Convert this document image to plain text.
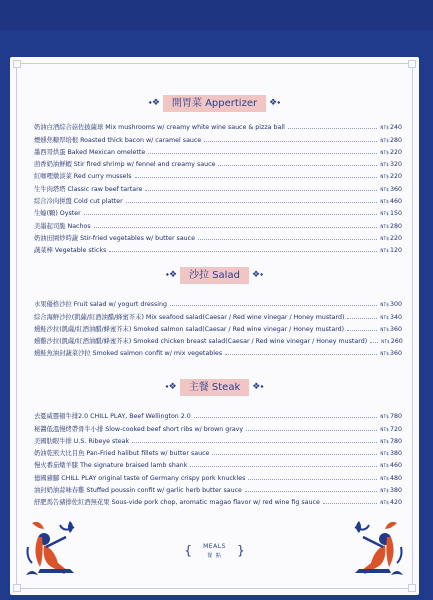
⬩❖	開胃菜 Appertizer	❖⬩
奶油白酒綜合菇佐披薩球 Mix mushrooms w/ creamy white wine sauce & pizza ball	NT$240
煙燻焦糖厚培根 Roasted thick bacon w/ caramel sauce	NT$280
墨西哥烘蛋 Baked Mexican omelette	NT$220
茴香奶油鮮蝦 Stir fired shrimp w/ fennel and creamy sauce	NT$320
紅咖哩燉淡菜 Red curry mussels	NT$220
生牛肉塔塔 Classic raw beef tartare	NT$360
綜合冷肉拼盤 Cold cut platter	NT$460
生蠔(顆) Oyster	NT$150
美墨起司脆 Nachos	NT$280
奶油田園炒時蔬 Stir-fried vegetables w/ butter sauce	NT$220
蔬菜棒 Vegetable sticks	NT$120
⬩❖	沙拉 Salad	❖⬩
水果優格沙拉 Fruit salad w/ yogurt dressing	NT$300
綜合海鮮沙拉(凱薩/紅酒油醋/蜂蜜芥末) Mix seafood salad(Caesar / Red wine vinegar / Honey mustard)	NT$340
燻鮭沙拉(凱薩/紅酒油醋/蜂蜜芥末) Smoked salmon salad(Caesar / Red wine vinegar / Honey mustard)	NT$360
燻雞沙拉(凱薩/紅酒油醋/蜂蜜芥末) Smoked chicken breast salad(Caesar / Red wine vinegar / Honey mustard)	NT$260
燻鮭魚油封蔬菜沙拉 Smoked salmon confit w/ mix vegetables	NT$360
⬩❖	主餐 Steak	❖⬩
去憂威靈頓牛排2.0 CHILL PLAY, Beef Wellington 2.0	NT$780
秘醬低溫慢烤帶骨牛小排 Slow-cooked beef short ribs w/ brown gravy	NT$720
美國肋眼牛排 U.S. Ribeye steak	NT$780
奶油乾煎大比目魚 Pan-Fried halibut fillets w/ butter sauce	NT$380
慢火番茄燉羊膝 The signature braised lamb shank	NT$460
德國豬腳 CHILL PLAY original taste of Germany crispy pork knuckles	NT$480
油封奶油蒜味春雞 Stuffed poussin confit w/ garlic herb butter sauce	NT$380
舒肥馬告豬排佐紅酒無花果 Sous-vide pork chop, aromatic magao flavor w/ red wine fig sauce	NT$420
{ MEALS
餐 點	}
